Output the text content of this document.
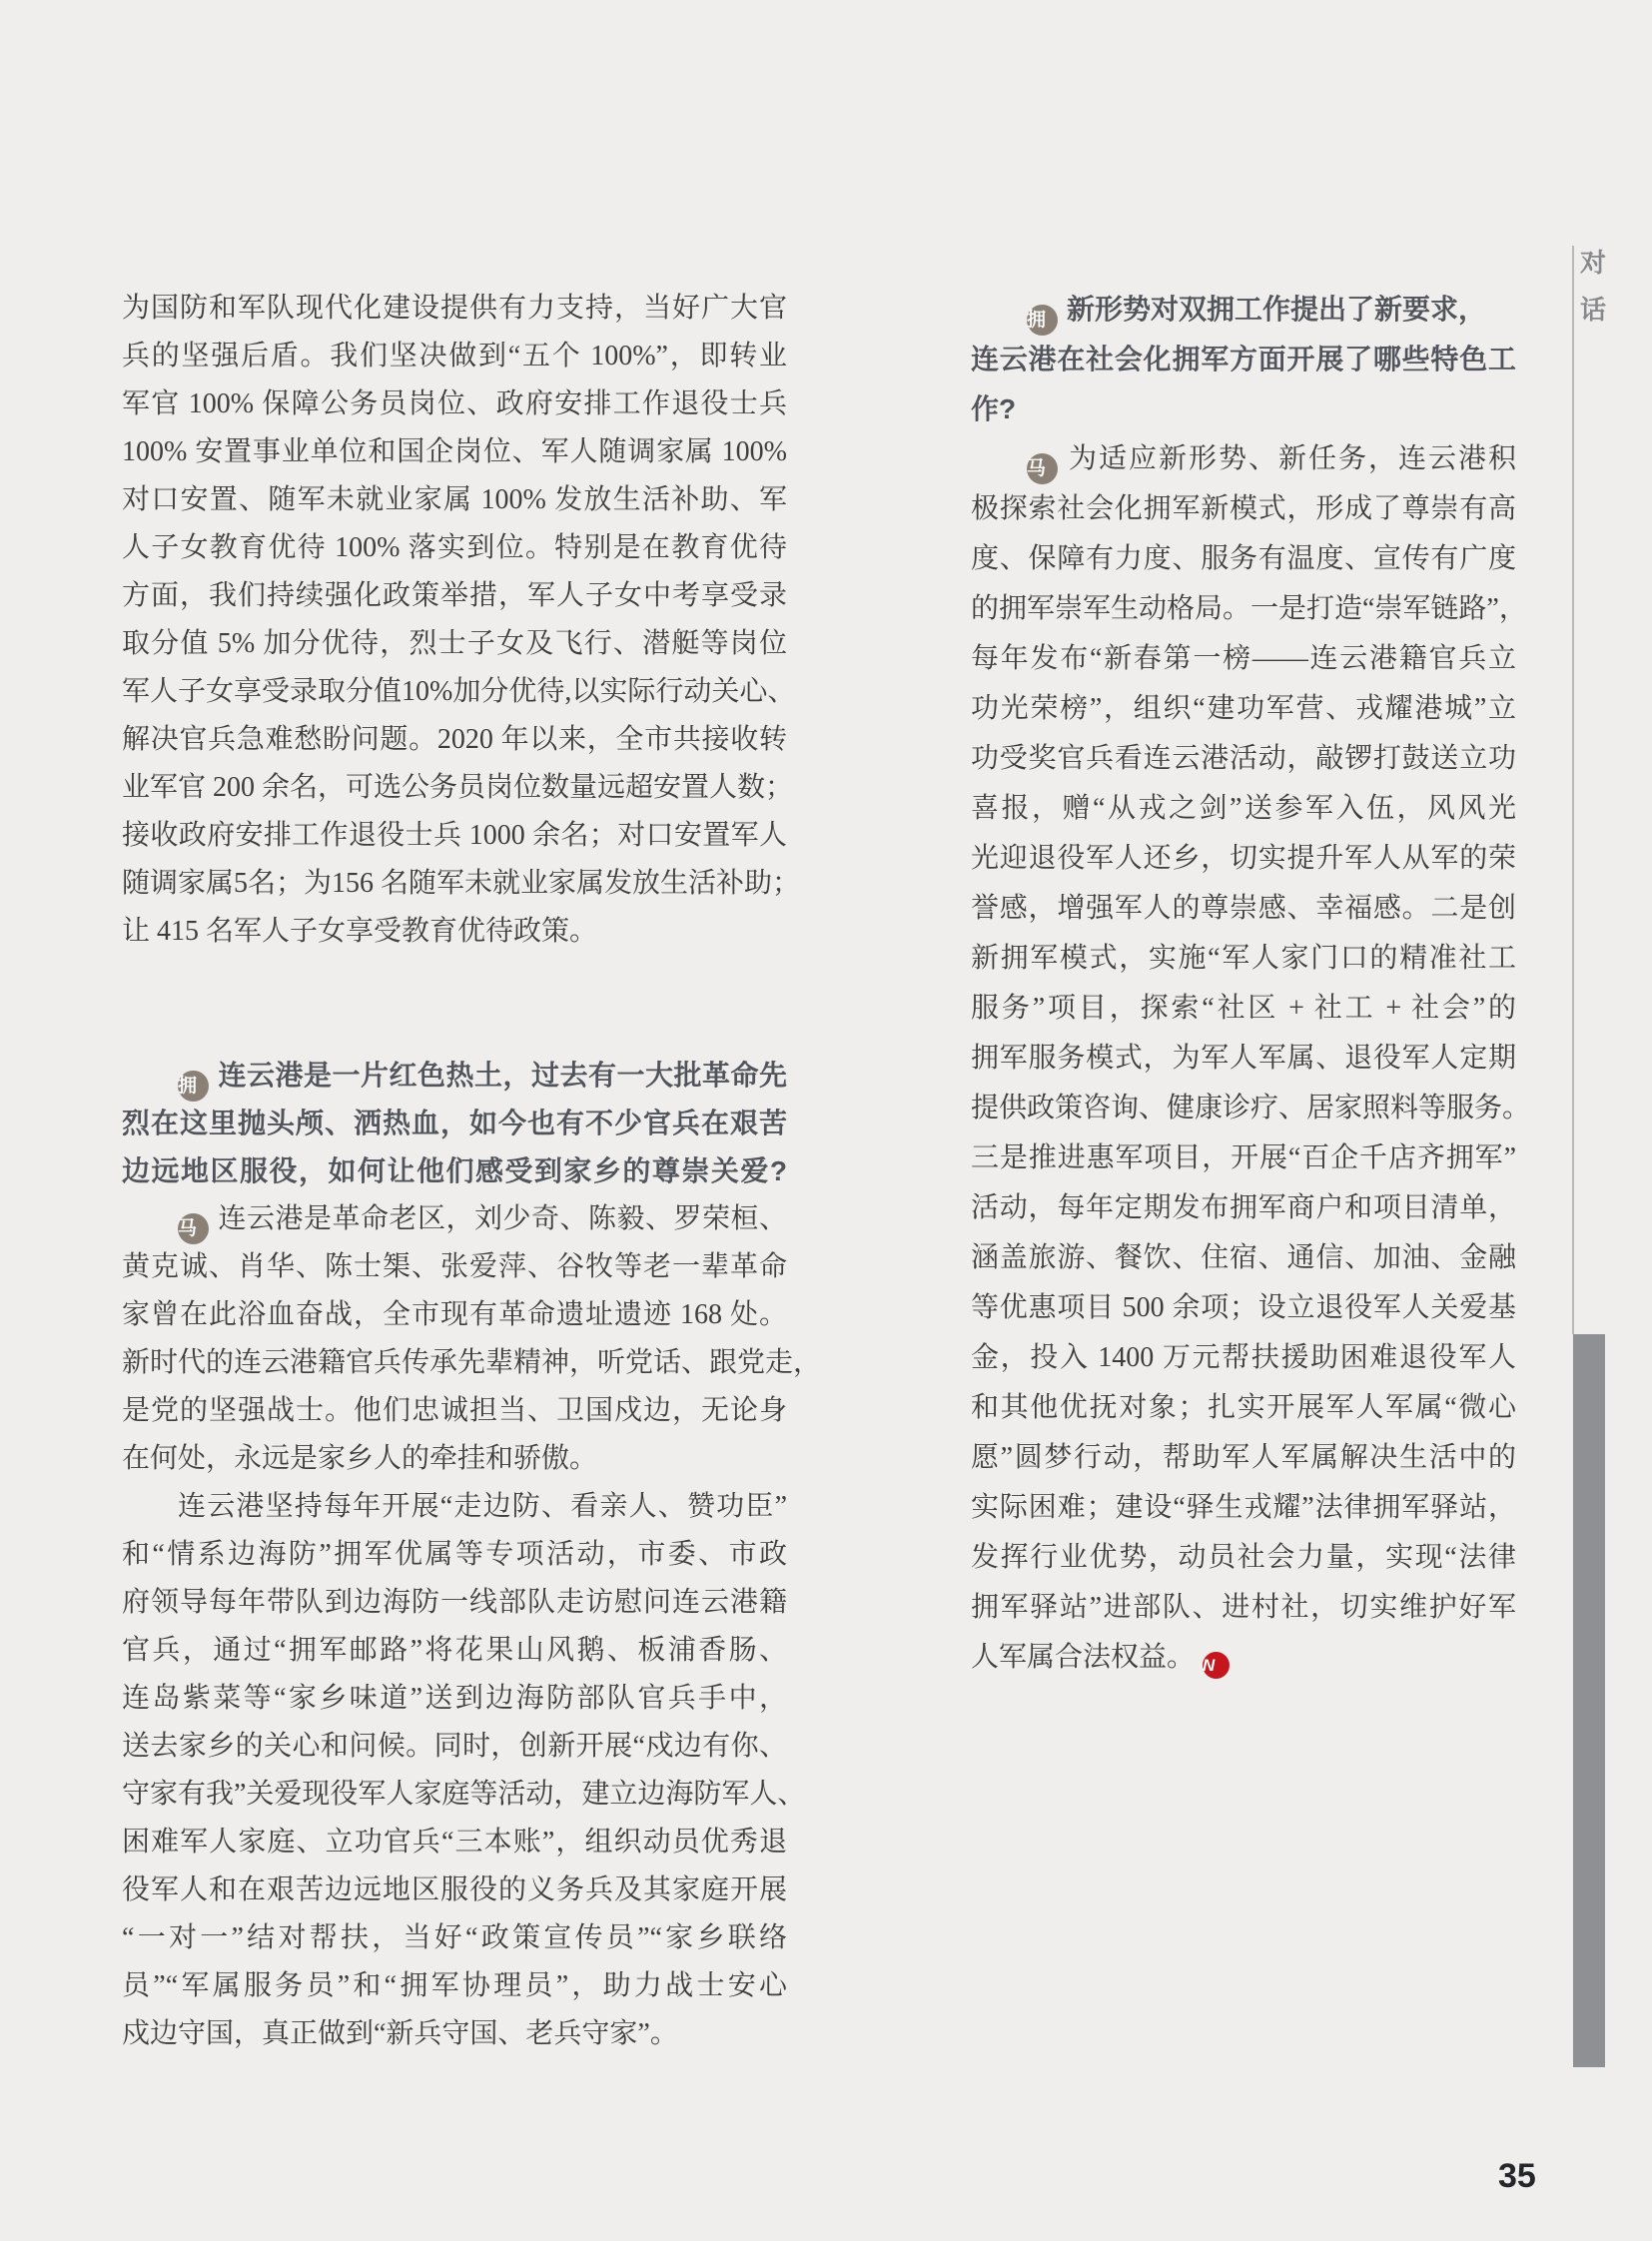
为国防和军队现代化建设提供有力支持，当好广大官
兵的坚强后盾。我们坚决做到“五个 100%”，即转业
军官 100% 保障公务员岗位、政府安排工作退役士兵
100% 安置事业单位和国企岗位、军人随调家属 100%
对口安置、随军未就业家属 100% 发放生活补助、军
人子女教育优待 100% 落实到位。特别是在教育优待
方面，我们持续强化政策举措，军人子女中考享受录
取分值 5% 加分优待，烈士子女及飞行、潜艇等岗位
军人子女享受录取分值10%加分优待,以实际行动关心、
解决官兵急难愁盼问题。2020 年以来，全市共接收转
业军官 200 余名，可选公务员岗位数量远超安置人数；
接收政府安排工作退役士兵 1000 余名；对口安置军人
随调家属5名；为156 名随军未就业家属发放生活补助；
让 415 名军人子女享受教育优待政策。
拥 连云港是一片红色热土，过去有一大批革命先
烈在这里抛头颅、洒热血，如今也有不少官兵在艰苦
边远地区服役，如何让他们感受到家乡的尊崇关爱?
马 连云港是革命老区，刘少奇、陈毅、罗荣桓、
黄克诚、肖华、陈士榘、张爱萍、谷牧等老一辈革命
家曾在此浴血奋战，全市现有革命遗址遗迹 168 处。
新时代的连云港籍官兵传承先辈精神，听党话、跟党走，
是党的坚强战士。他们忠诚担当、卫国戍边，无论身
在何处，永远是家乡人的牵挂和骄傲。
连云港坚持每年开展“走边防、看亲人、赞功臣”
和“情系边海防”拥军优属等专项活动，市委、市政
府领导每年带队到边海防一线部队走访慰问连云港籍
官兵，通过“拥军邮路”将花果山风鹅、板浦香肠、
连岛紫菜等“家乡味道”送到边海防部队官兵手中，
送去家乡的关心和问候。同时，创新开展“戍边有你、
守家有我”关爱现役军人家庭等活动，建立边海防军人、
困难军人家庭、立功官兵“三本账”，组织动员优秀退
役军人和在艰苦边远地区服役的义务兵及其家庭开展
“一对一”结对帮扶，当好“政策宣传员”“家乡联络
员”“军属服务员”和“拥军协理员”，助力战士安心
戍边守国，真正做到“新兵守国、老兵守家”。
拥 新形势对双拥工作提出了新要求，
连云港在社会化拥军方面开展了哪些特色工
作?
马 为适应新形势、新任务，连云港积
极探索社会化拥军新模式，形成了尊崇有高
度、保障有力度、服务有温度、宣传有广度
的拥军崇军生动格局。一是打造“崇军链路”，
每年发布“新春第一榜——连云港籍官兵立
功光荣榜”，组织“建功军营、戎耀港城”立
功受奖官兵看连云港活动，敲锣打鼓送立功
喜报，赠“从戎之剑”送参军入伍，风风光
光迎退役军人还乡，切实提升军人从军的荣
誉感，增强军人的尊崇感、幸福感。二是创
新拥军模式，实施“军人家门口的精准社工
服务”项目，探索“社区 + 社工 + 社会”的
拥军服务模式，为军人军属、退役军人定期
提供政策咨询、健康诊疗、居家照料等服务。
三是推进惠军项目，开展“百企千店齐拥军”
活动，每年定期发布拥军商户和项目清单，
涵盖旅游、餐饮、住宿、通信、加油、金融
等优惠项目 500 余项；设立退役军人关爱基
金，投入 1400 万元帮扶援助困难退役军人
和其他优抚对象；扎实开展军人军属“微心
愿”圆梦行动，帮助军人军属解决生活中的
实际困难；建设“驿生戎耀”法律拥军驿站，
发挥行业优势，动员社会力量，实现“法律
拥军驿站”进部队、进村社，切实维护好军
人军属合法权益。 N
对
话
35
